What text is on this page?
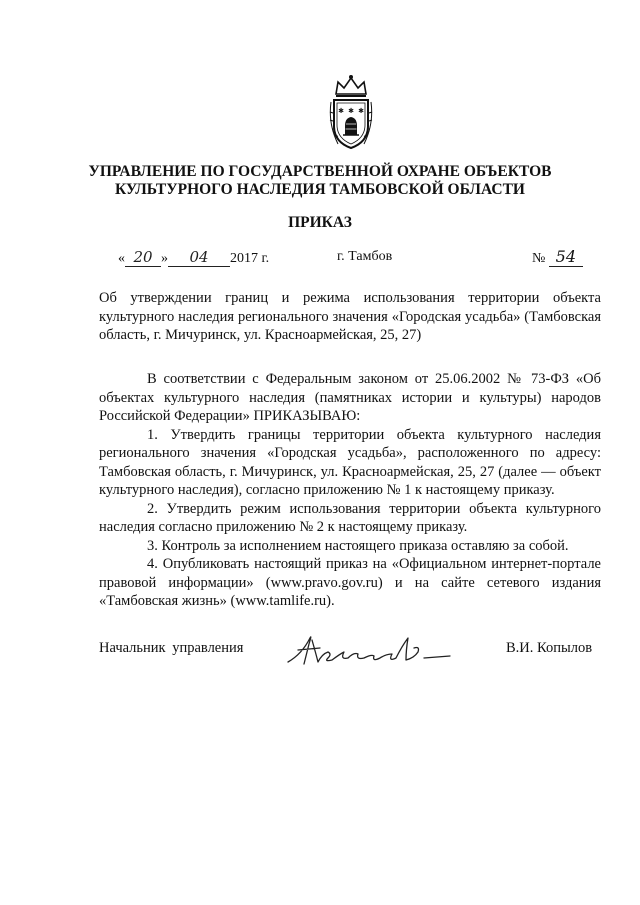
✱ ✱ ✱
УПРАВЛЕНИЕ ПО ГОСУДАРСТВЕННОЙ ОХРАНЕ ОБЪЕКТОВ
КУЛЬТУРНОГО НАСЛЕДИЯ ТАМБОВСКОЙ ОБЛАСТИ
ПРИКАЗ
« 20 » 04 2017 г.	г. Тамбов	№ 54
Об утверждении границ и режима использования территории объекта культурного наследия регионального значения «Городская усадьба» (Тамбовская область, г. Мичуринск, ул. Красноармейская, 25, 27)

В соответствии с Федеральным законом от 25.06.2002 № 73-ФЗ «Об объектах культурного наследия (памятниках истории и культуры) народов Российской Федерации» ПРИКАЗЫВАЮ:

1. Утвердить границы территории объекта культурного наследия регионального значения «Городская усадьба», расположенного по адресу: Тамбовская область, г. Мичуринск, ул. Красноармейская, 25, 27 (далее — объект культурного наследия), согласно приложению № 1 к настоящему приказу.

2. Утвердить режим использования территории объекта культурного наследия согласно приложению № 2 к настоящему приказу.

3. Контроль за исполнением настоящего приказа оставляю за собой.

4. Опубликовать настоящий приказ на «Официальном интернет-портале правовой информации» (www.pravo.gov.ru) и на сайте сетевого издания «Тамбовская жизнь» (www.tamlife.ru).

Начальник управления	В.И. Копылов
